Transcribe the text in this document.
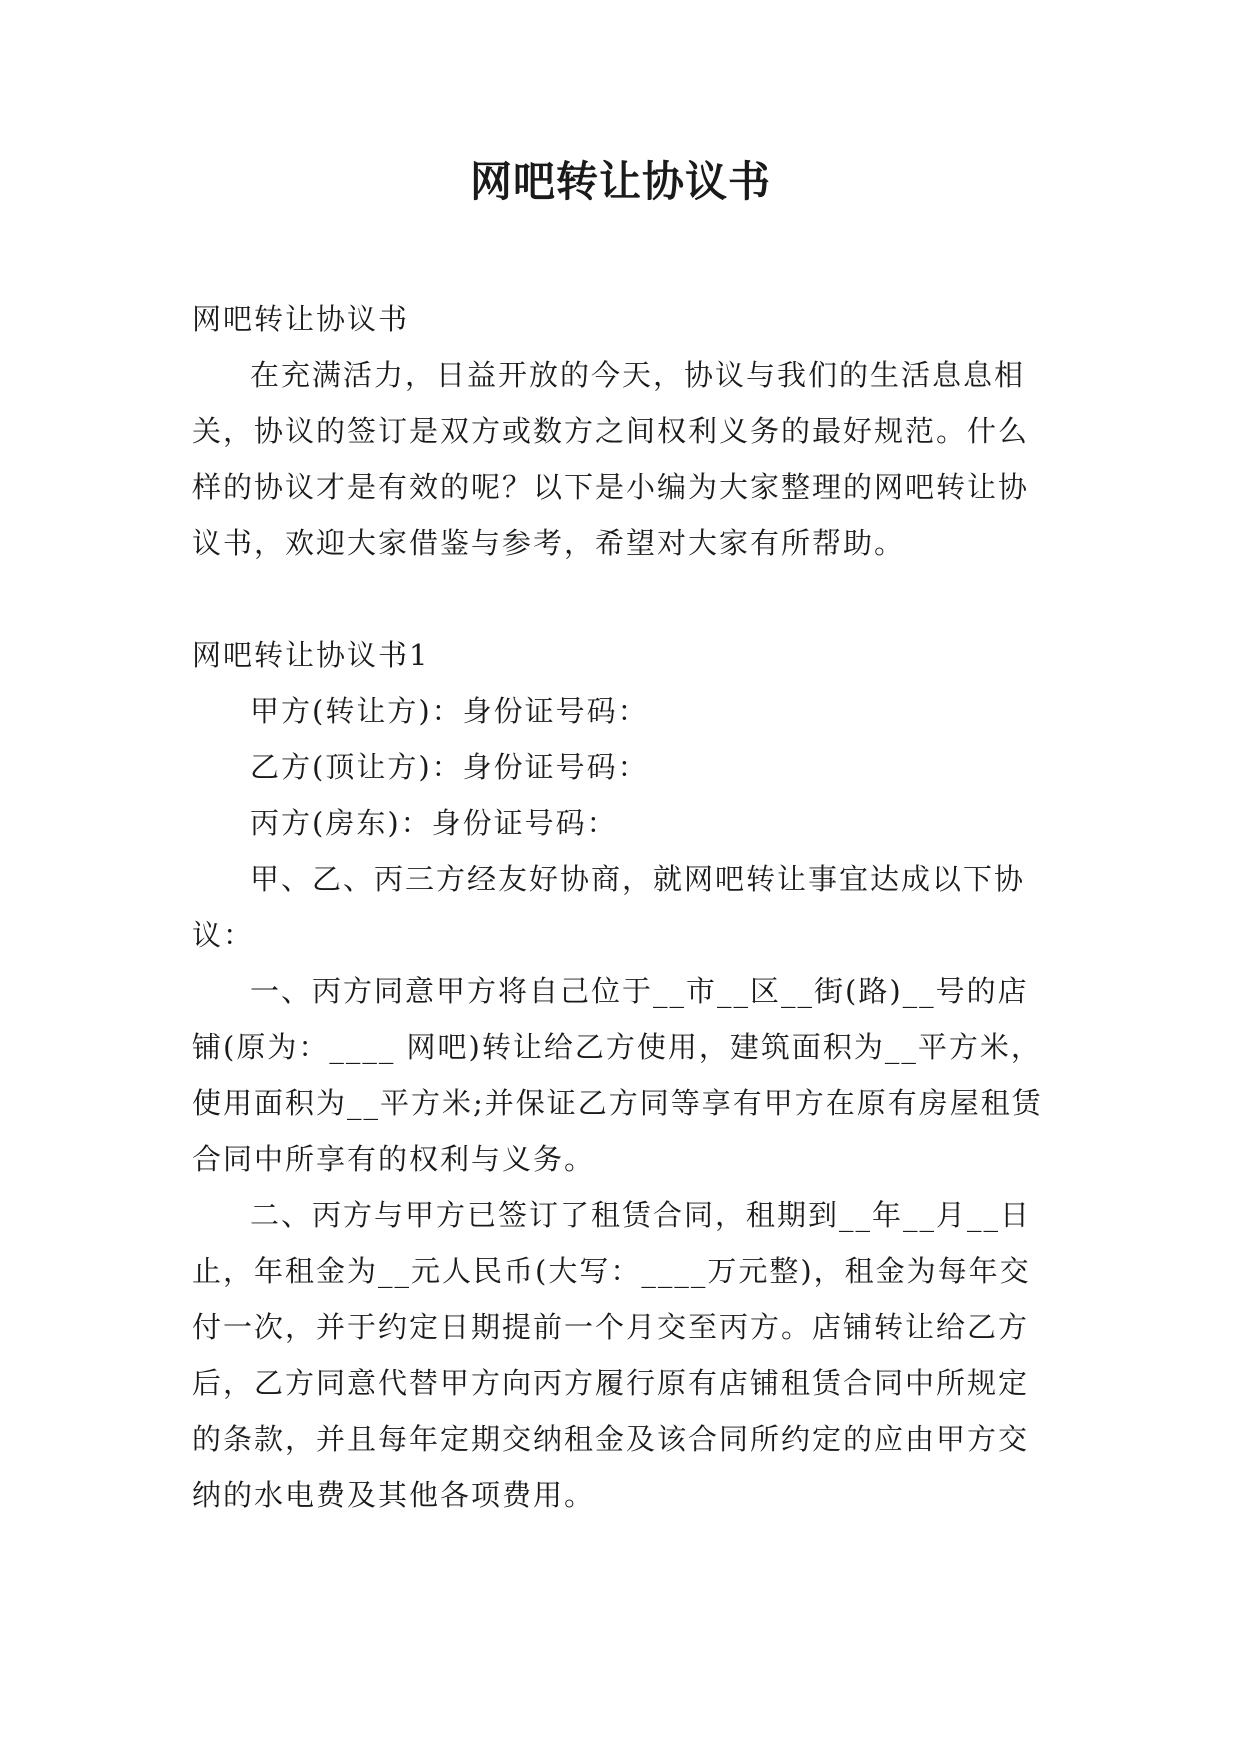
网吧转让协议书

网吧转让协议书

在充满活力，日益开放的今天，协议与我们的生活息息相关，协议的签订是双方或数方之间权利义务的最好规范。什么样的协议才是有效的呢？以下是小编为大家整理的网吧转让协议书，欢迎大家借鉴与参考，希望对大家有所帮助。

网吧转让协议书1

甲方(转让方)：身份证号码：

乙方(顶让方)：身份证号码：

丙方(房东)：身份证号码：

甲、乙、丙三方经友好协商，就网吧转让事宜达成以下协议：

一、丙方同意甲方将自己位于__市__区__街(路)__号的店铺(原为：____ 网吧)转让给乙方使用，建筑面积为__平方米，使用面积为__平方米;并保证乙方同等享有甲方在原有房屋租赁合同中所享有的权利与义务。

二、丙方与甲方已签订了租赁合同，租期到__年__月__日止，年租金为__元人民币(大写：____万元整)，租金为每年交付一次，并于约定日期提前一个月交至丙方。店铺转让给乙方后，乙方同意代替甲方向丙方履行原有店铺租赁合同中所规定的条款，并且每年定期交纳租金及该合同所约定的应由甲方交纳的水电费及其他各项费用。
